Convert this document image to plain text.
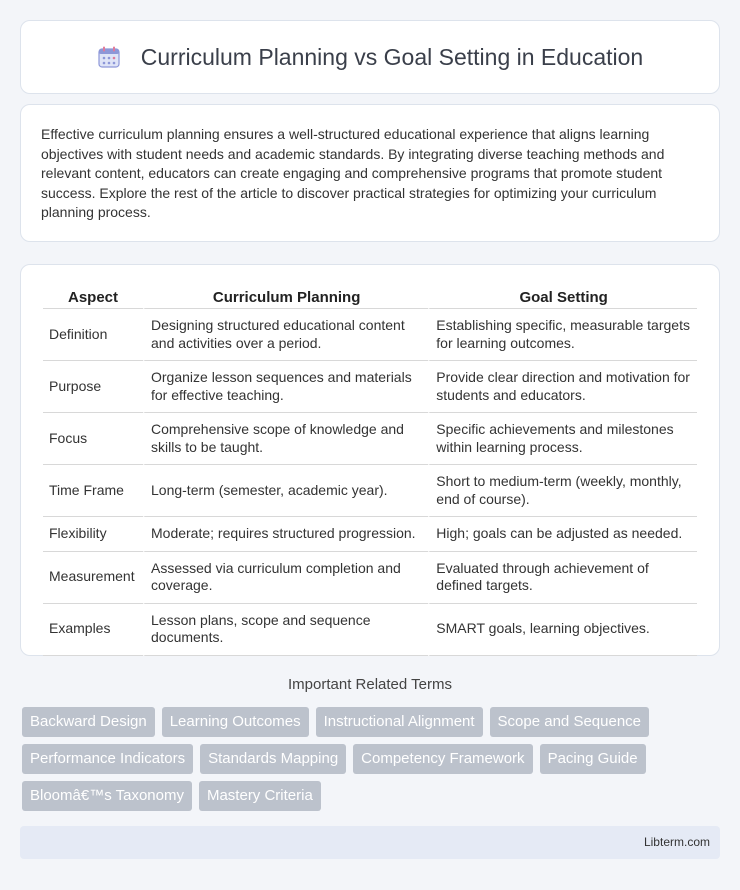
Curriculum Planning vs Goal Setting in Education

Effective curriculum planning ensures a well-structured educational experience that aligns learning objectives with student needs and academic standards. By integrating diverse teaching methods and relevant content, educators can create engaging and comprehensive programs that promote student success. Explore the rest of the article to discover practical strategies for optimizing your curriculum planning process.

Aspect	Curriculum Planning	Goal Setting
Definition	Designing structured educational content and activities over a period.	Establishing specific, measurable targets for learning outcomes.
Purpose	Organize lesson sequences and materials for effective teaching.	Provide clear direction and motivation for students and educators.
Focus	Comprehensive scope of knowledge and skills to be taught.	Specific achievements and milestones within learning process.
Time Frame	Long-term (semester, academic year).	Short to medium-term (weekly, monthly, end of course).
Flexibility	Moderate; requires structured progression.	High; goals can be adjusted as needed.
Measurement	Assessed via curriculum completion and coverage.	Evaluated through achievement of defined targets.
Examples	Lesson plans, scope and sequence documents.	SMART goals, learning objectives.
Important Related Terms
Backward Design	Learning Outcomes	Instructional Alignment	Scope and Sequence
Performance Indicators	Standards Mapping	Competency Framework	Pacing Guide
Bloomâ€™s Taxonomy	Mastery Criteria
Libterm.com
